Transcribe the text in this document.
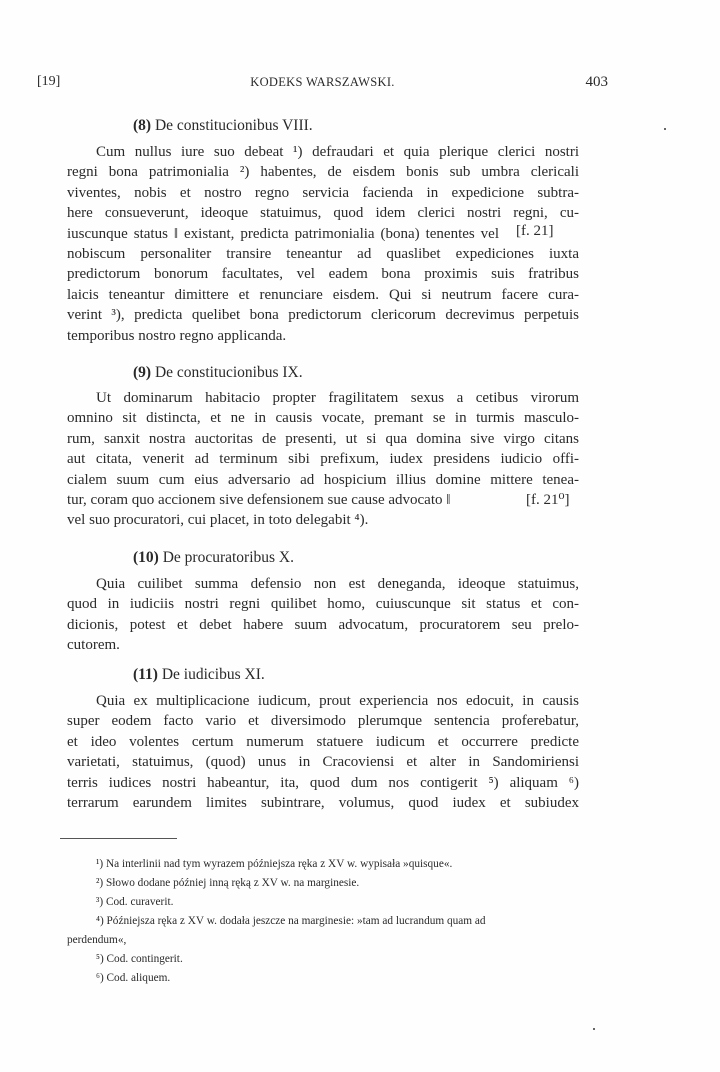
[19]	KODEKS WARSZAWSKI.	403
(8) De constitucionibus VIII.
Cum nullus iure suo debeat ¹) defraudari et quia plerique clerici nostri
regni bona patrimonialia ²) habentes, de eisdem bonis sub umbra clericali
viventes, nobis et nostro regno servicia facienda in expedicione subtra-
here consueverunt, ideoque statuimus, quod idem clerici nostri regni, cu-
iuscunque status ‖ existant, predicta patrimonialia (bona) tenentes vel
nobiscum personaliter transire teneantur ad quaslibet expediciones iuxta
predictorum bonorum facultates, vel eadem bona proximis suis fratribus
laicis teneantur dimittere et renunciare eisdem. Qui si neutrum facere cura-
verint ³), predicta quelibet bona predictorum clericorum decrevimus perpetuis
temporibus nostro regno applicanda.
[f. 21]
(9) De constitucionibus IX.
Ut dominarum habitacio propter fragilitatem sexus a cetibus virorum
omnino sit distincta, et ne in causis vocate, premant se in turmis masculo-
rum, sanxit nostra auctoritas de presenti, ut si qua domina sive virgo citans
aut citata, venerit ad terminum sibi prefixum, iudex presidens iudicio offi-
cialem suum cum eius adversario ad hospicium illius domine mittere tenea-
tur, coram quo accionem sive defensionem sue cause advocato ‖
vel suo procuratori, cui placet, in toto delegabit ⁴).
[f. 21⁰]
(10) De procuratoribus X.
Quia cuilibet summa defensio non est deneganda, ideoque statuimus,
quod in iudiciis nostri regni quilibet homo, cuiuscunque sit status et con-
dicionis, potest et debet habere suum advocatum, procuratorem seu prelo-
cutorem.
(11) De iudicibus XI.
Quia ex multiplicacione iudicum, prout experiencia nos edocuit, in causis
super eodem facto vario et diversimodo plerumque sentencia proferebatur,
et ideo volentes certum numerum statuere iudicum et occurrere predicte
varietati, statuimus, (quod) unus in Cracoviensi et alter in Sandomiriensi
terris iudices nostri habeantur, ita, quod dum nos contigerit ⁵) aliquam ⁶)
terrarum earundem limites subintrare, volumus, quod iudex et subiudex
¹) Na interlinii nad tym wyrazem późniejsza ręka z XV w. wypisała »quisque«.
²) Słowo dodane później inną ręką z XV w. na marginesie.
³) Cod. curaverit.
⁴) Późniejsza ręka z XV w. dodała jeszcze na marginesie: »tam ad lucrandum quam ad
perdendum«,
⁵) Cod. contingerit.
⁶) Cod. aliquem.
